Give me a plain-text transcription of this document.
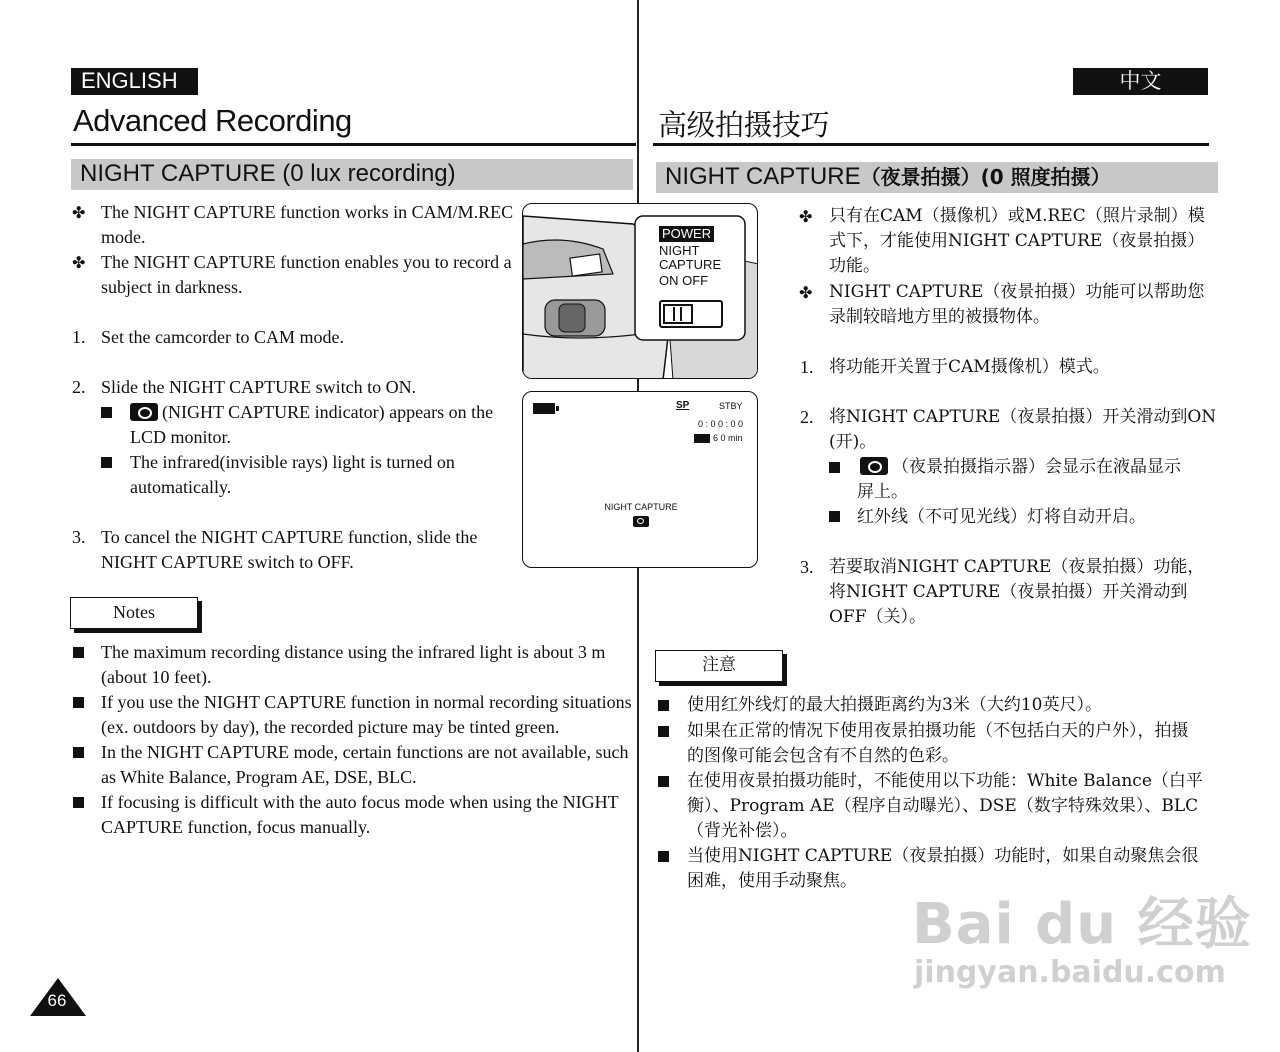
ENGLISH	中文
Advanced Recording	高级拍摄技巧
NIGHT CAPTURE (0 lux recording)	NIGHT CAPTURE（夜景拍摄）(0 照度拍摄）
✤ The NIGHT CAPTURE function works in CAM/M.REC
mode.
✤ The NIGHT CAPTURE function enables you to record a
subject in darkness.
1. Set the camcorder to CAM mode.
2. Slide the NIGHT CAPTURE switch to ON.
(NIGHT CAPTURE indicator) appears on the
LCD monitor.
The infrared(invisible rays) light is turned on
automatically.
3. To cancel the NIGHT CAPTURE function, slide the
NIGHT CAPTURE switch to OFF.
Notes
The maximum recording distance using the infrared light is about 3 m
(about 10 feet).
If you use the NIGHT CAPTURE function in normal recording situations
(ex. outdoors by day), the recorded picture may be tinted green.
In the NIGHT CAPTURE mode, certain functions are not available, such
as White Balance, Program AE, DSE, BLC.
If focusing is difficult with the auto focus mode when using the NIGHT
CAPTURE function, focus manually.
POWER
NIGHT
CAPTURE
ON OFF
SP	STBY
0 : 0 0 : 0 0
6 0 min
NIGHT CAPTURE
✤ 只有在CAM（摄像机）或M.REC（照片录制）模
式下，才能使用NIGHT CAPTURE（夜景拍摄）
功能。
✤ NIGHT CAPTURE（夜景拍摄）功能可以帮助您
录制较暗地方里的被摄物体。
1. 将功能开关置于CAM摄像机）模式。
2. 将NIGHT CAPTURE（夜景拍摄）开关滑动到ON
(开)。
（夜景拍摄指示器）会显示在液晶显示
屏上。
红外线（不可见光线）灯将自动开启。
3. 若要取消NIGHT CAPTURE（夜景拍摄）功能，
将NIGHT CAPTURE（夜景拍摄）开关滑动到
OFF（关）。
注意
使用红外线灯的最大拍摄距离约为3米（大约10英尺）。
如果在正常的情况下使用夜景拍摄功能（不包括白天的户外），拍摄
的图像可能会包含有不自然的色彩。
在使用夜景拍摄功能时，不能使用以下功能：White Balance（白平
衡）、Program AE（程序自动曝光）、DSE（数字特殊效果）、BLC
（背光补偿）。
当使用NIGHT CAPTURE（夜景拍摄）功能时，如果自动聚焦会很
困难，使用手动聚焦。
Bai du 经验
jingyan.baidu.com
66
